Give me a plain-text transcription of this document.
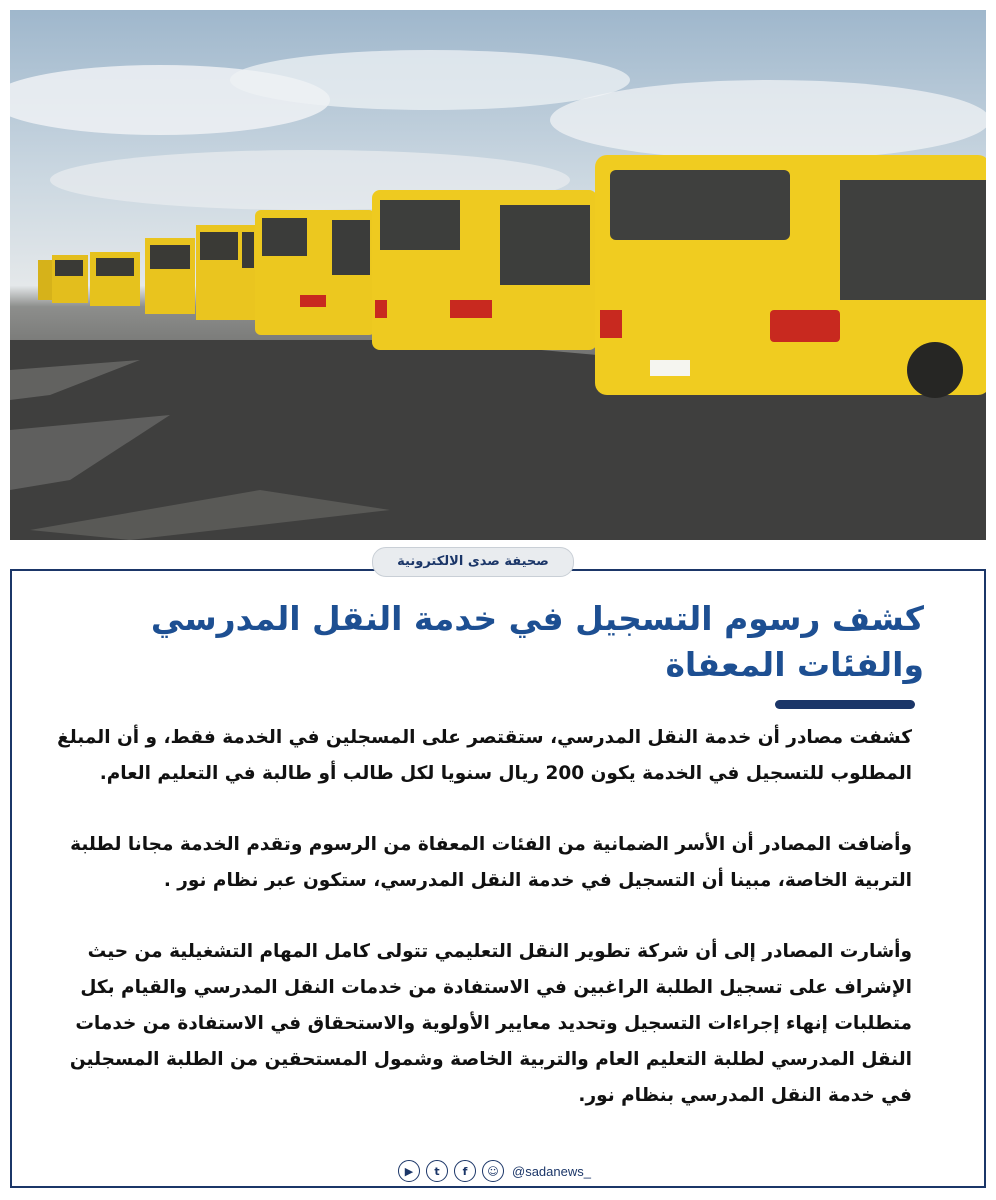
صحيفة صدى الالكترونية
كشف رسوم التسجيل في خدمة النقل المدرسي والفئات المعفاة

كشفت مصادر أن خدمة النقل المدرسي، ستقتصر على المسجلين في الخدمة فقط، و أن المبلغ المطلوب للتسجيل في الخدمة يكون 200 ريال سنويا لكل طالب أو طالبة في التعليم العام.

وأضافت المصادر أن الأسر الضمانية من الفئات المعفاة من الرسوم وتقدم الخدمة مجانا لطلبة التربية الخاصة، مبينا أن التسجيل في خدمة النقل المدرسي، ستكون عبر نظام نور .

وأشارت المصادر إلى أن شركة تطوير النقل التعليمي تتولى كامل المهام التشغيلية من حيث الإشراف على تسجيل الطلبة الراغبين في الاستفادة من خدمات النقل المدرسي والقيام بكل متطلبات إنهاء إجراءات التسجيل وتحديد معايير الأولوية والاستحقاق في الاستفادة من خدمات النقل المدرسي لطلبة التعليم العام والتربية الخاصة وشمول المستحقين من الطلبة المسجلين في خدمة النقل المدرسي بنظام نور.

▶	t	f	☺	@sadanews_
